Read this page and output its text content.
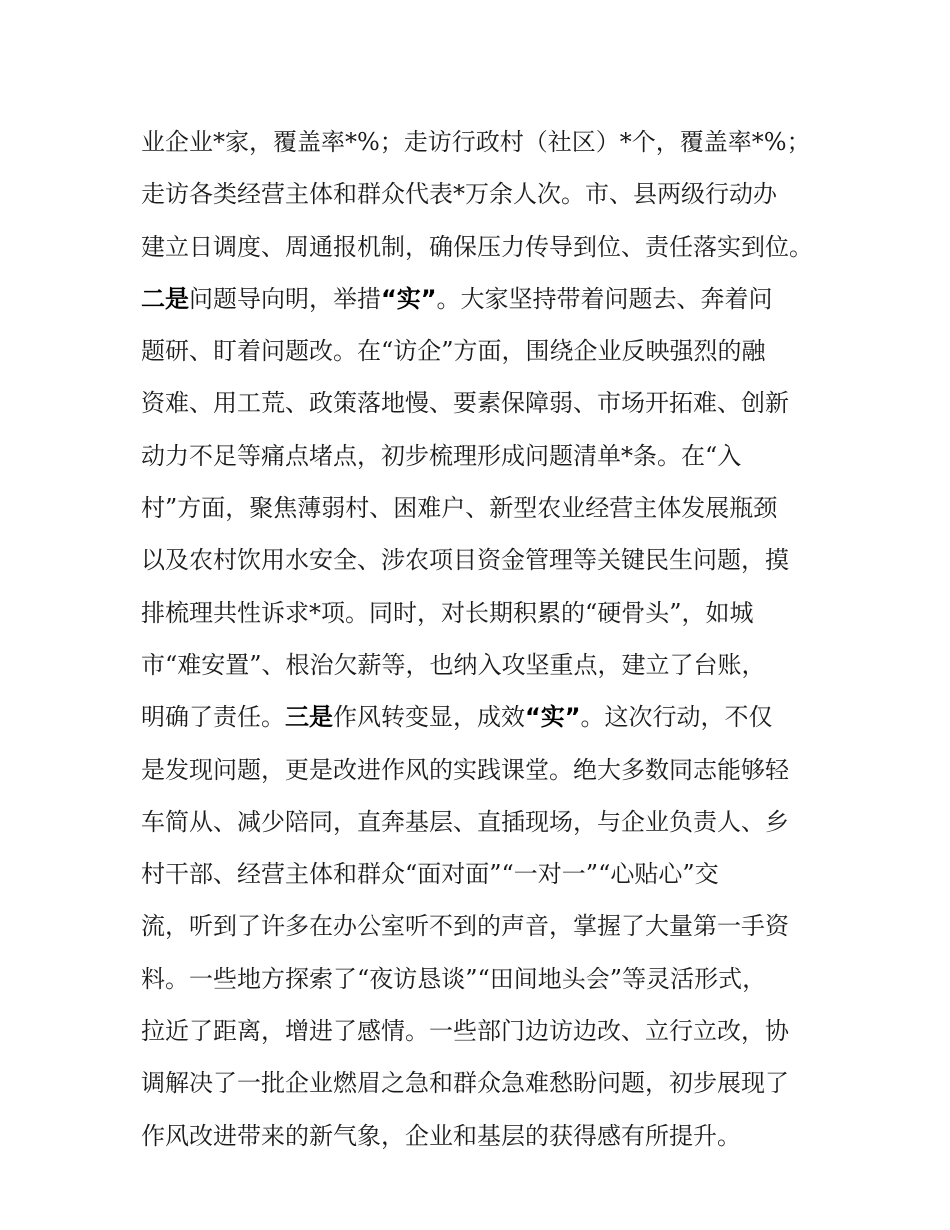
业企业*家，覆盖率*%；走访行政村（社区）*个，覆盖率*%；
走访各类经营主体和群众代表*万余人次。市、县两级行动办
建立日调度、周通报机制，确保压力传导到位、责任落实到位。
二是问题导向明，举措“实”。大家坚持带着问题去、奔着问
题研、盯着问题改。在“访企”方面，围绕企业反映强烈的融
资难、用工荒、政策落地慢、要素保障弱、市场开拓难、创新
动力不足等痛点堵点，初步梳理形成问题清单*条。在“入
村”方面，聚焦薄弱村、困难户、新型农业经营主体发展瓶颈
以及农村饮用水安全、涉农项目资金管理等关键民生问题，摸
排梳理共性诉求*项。同时，对长期积累的“硬骨头”，如城
市“难安置”、根治欠薪等，也纳入攻坚重点，建立了台账，
明确了责任。三是作风转变显，成效“实”。这次行动，不仅
是发现问题，更是改进作风的实践课堂。绝大多数同志能够轻
车简从、减少陪同，直奔基层、直插现场，与企业负责人、乡
村干部、经营主体和群众“面对面”“一对一”“心贴心”交
流，听到了许多在办公室听不到的声音，掌握了大量第一手资
料。一些地方探索了“夜访恳谈”“田间地头会”等灵活形式，
拉近了距离，增进了感情。一些部门边访边改、立行立改，协
调解决了一批企业燃眉之急和群众急难愁盼问题，初步展现了
作风改进带来的新气象，企业和基层的获得感有所提升。
